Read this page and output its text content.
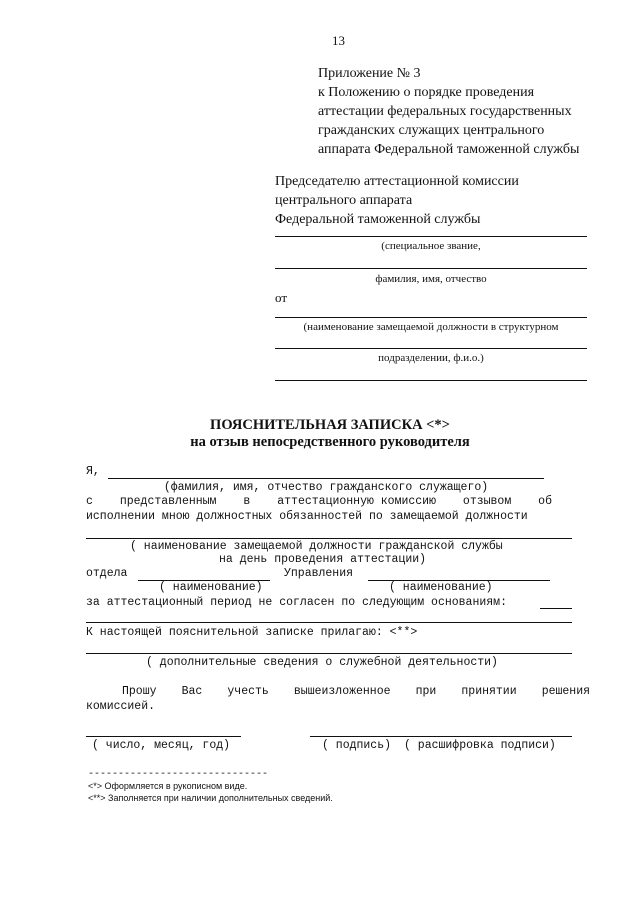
13
Приложение № 3
к Положению о порядке проведения
аттестации федеральных государственных
гражданских служащих центрального
аппарата Федеральной таможенной службы
Председателю аттестационной комиссии
центрального аппарата
Федеральной таможенной службы
(специальное звание,
фамилия, имя, отчество
от
(наименование замещаемой должности в структурном
подразделении, ф.и.о.)
ПОЯСНИТЕЛЬНАЯ ЗАПИСКА <*>
на отзыв непосредственного руководителя
Я,
(фамилия, имя, отчество гражданского служащего)
с представленным в аттестационную комиссию отзывом об
исполнении мною должностных обязанностей по замещаемой должности
( наименование замещаемой должности гражданской службы
на день проведения аттестации)
отдела	Управления
( наименование)	( наименование)
за аттестационный период не согласен по следующим основаниям:
К настоящей пояснительной записке прилагаю: <**>
( дополнительные сведения о служебной деятельности)
Прошу Вас учесть вышеизложенное при принятии решения
комиссией.
( число, месяц, год)	( подпись) ( расшифровка подписи)
------------------------------
<*> Оформляется в рукописном виде.
<**> Заполняется при наличии дополнительных сведений.
